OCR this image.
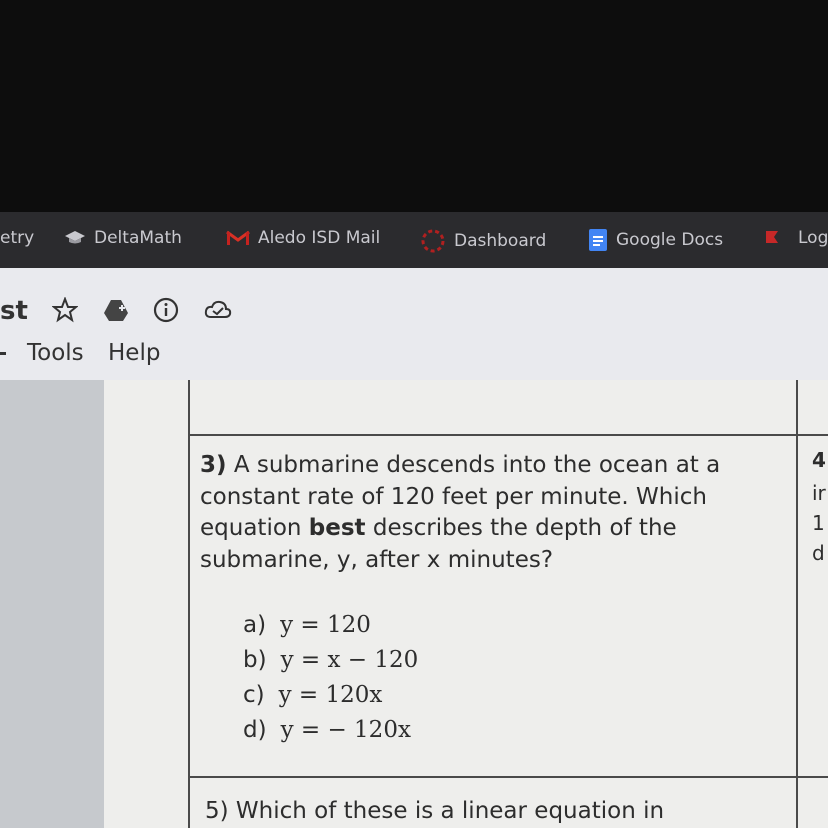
etry	DeltaMath	Aledo ISD Mail	Dashboard	Google Docs	Log
st
Tools Help
3) A submarine descends into the ocean at a constant rate of 120 feet per minute. Which equation best describes the depth of the submarine, y, after x minutes?
a) y = 120
b) y = x − 120
c) y = 120x
d) y = − 120x
4
ir
1
d
5) Which of these is a linear equation in
